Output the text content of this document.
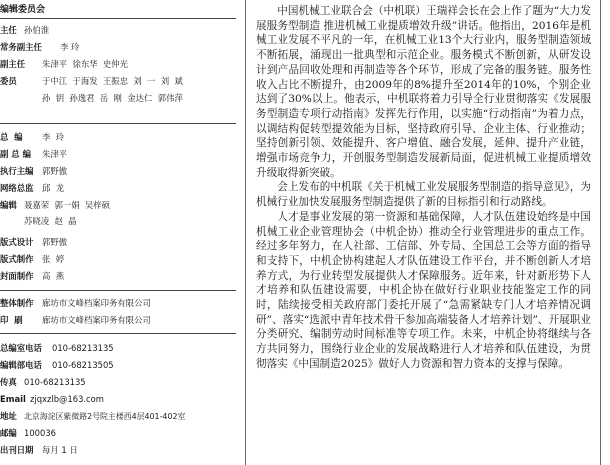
编辑委员会
主任 孙伯淮
常务副主任 李 玲
副主任 朱津平  徐东华  史仲光
委员	于中江  于海发  王振忠  刘  一  刘  斌
孙  钥  孙逸君  岳  刚  金达仁  郭伟萍
总  编 李  玲
副 总 编 朱津平
执行主编 郭野傲
网络总监 邱  龙
编辑 聂嘉荣  郭一娟  吴梓硕
苏晓凌  赵  晶
版式设计 郭野傲
版式制作 张  婷
封面制作 高  燕
整体制作 廊坊市文峰档案印务有限公司
印  刷 廊坊市文峰档案印务有限公司
总编室电话 010-68213135
编辑部电话 010-68213505
传真 010-68213135
Email zjqxzlb@163.com
地址 北京海淀区紫微路2号院主楼西4层401-402室
邮编 100036
出刊日期 每月 1 日

中国机械工业联合会（中机联）王瑞祥会长在会上作了题为“大力发展服务型制造 推进机械工业提质增效升级”讲话。他指出，2016年是机械工业发展不平凡的一年，在机械工业13个大行业内，服务型制造领域不断拓展，涌现出一批典型和示范企业。服务模式不断创新，从研发设计到产品回收处理和再制造等各个环节，形成了完备的服务链。服务性收入占比不断提升，由2009年的8%提升至2014年的10%，个别企业达到了30%以上。他表示，中机联将着力引导全行业贯彻落实《发展服务型制造专项行动指南》发挥先行作用，以实施“行动指南”为着力点，以调结构促转型提效能为目标，坚持政府引导、企业主体、行业推动；坚持创新引领、效能提升、客户增值、融合发展，延伸、提升产业链，增强市场竞争力，开创服务型制造发展新局面，促进机械工业提质增效升级取得新突破。

会上发布的中机联《关于机械工业发展服务型制造的指导意见》，为机械行业加快发展服务型制造提供了新的目标指引和行动路线。

人才是事业发展的第一资源和基础保障，人才队伍建设始终是中国机械工业企业管理协会（中机企协）推动全行业管理进步的重点工作。经过多年努力，在人社部、工信部、外专局、全国总工会等方面的指导和支持下，中机企协构建起人才队伍建设工作平台，并不断创新人才培养方式，为行业转型发展提供人才保障服务。近年来，针对新形势下人才培养和队伍建设需要，中机企协在做好行业职业技能鉴定工作的同时，陆续接受相关政府部门委托开展了“急需紧缺专门人才培养情况调研”、落实“选派中青年技术骨干参加高端装备人才培养计划”、开展职业分类研究、编制劳动时间标准等专项工作。未来，中机企协将继续与各方共同努力，围绕行业企业的发展战略进行人才培养和队伍建设，为贯彻落实《中国制造2025》做好人力资源和智力资本的支撑与保障。
